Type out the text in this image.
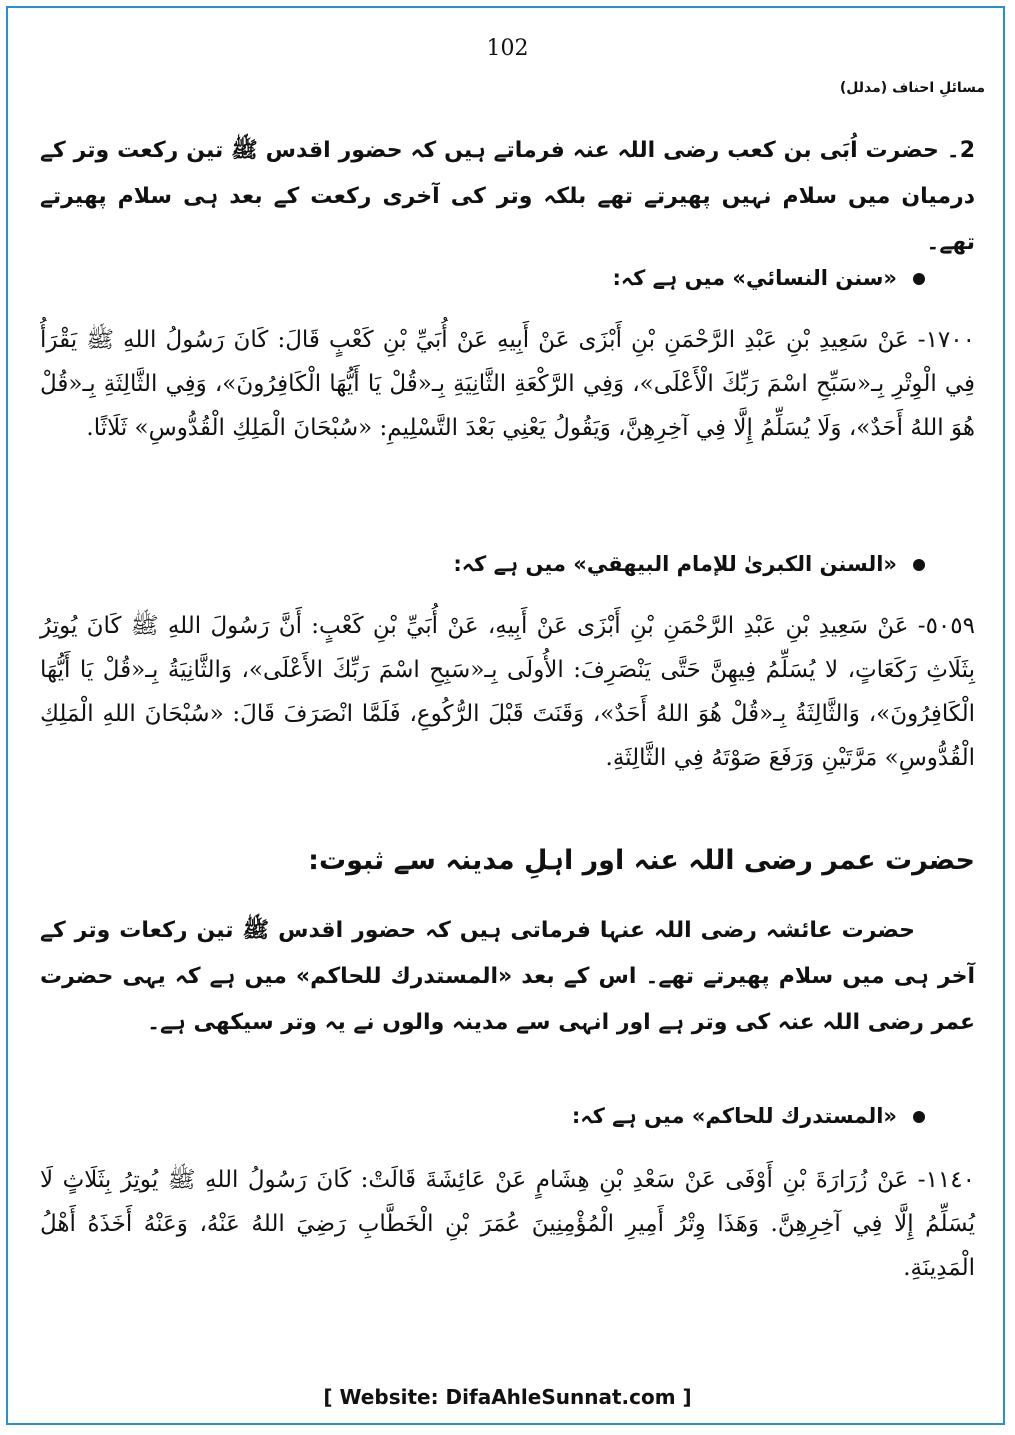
102
مسائلِ احناف (مدلل)

2۔ حضرت اُبَی بن کعب رضی اللہ عنہ فرماتے ہیں کہ حضور اقدس ﷺ تین رکعت وتر کے درمیان میں سلام نہیں پھیرتے تھے بلکہ وتر کی آخری رکعت کے بعد ہی سلام پھیرتے تھے۔

«سنن النسائي» میں ہے کہ:

١٧٠٠- عَنْ سَعِيدِ بْنِ عَبْدِ الرَّحْمَنِ بْنِ أَبْزَى عَنْ أَبِيهِ عَنْ أُبَيِّ بْنِ كَعْبٍ قَالَ: كَانَ رَسُولُ اللهِ ﷺ يَقْرَأُ فِي الْوِتْرِ بِـ«سَبِّحِ اسْمَ رَبِّكَ الْأَعْلَى»، وَفِي الرَّكْعَةِ الثَّانِيَةِ بِـ«قُلْ يَا أَيُّهَا الْكَافِرُونَ»، وَفِي الثَّالِثَةِ بِـ«قُلْ هُوَ اللهُ أَحَدٌ»، وَلَا يُسَلِّمُ إِلَّا فِي آخِرِهِنَّ، وَيَقُولُ يَعْنِي بَعْدَ التَّسْلِيمِ: «سُبْحَانَ الْمَلِكِ الْقُدُّوسِ» ثَلَاثًا.

«السنن الكبرىٰ للإمام البيهقي» میں ہے کہ:

٥٠٥٩- عَنْ سَعِيدِ بْنِ عَبْدِ الرَّحْمَنِ بْنِ أَبْزَى عَنْ أَبِيهِ، عَنْ أُبَيِّ بْنِ كَعْبٍ: أَنَّ رَسُولَ اللهِ ﷺ كَانَ يُوتِرُ بِثَلَاثِ رَكَعَاتٍ، لا يُسَلِّمُ فِيهِنَّ حَتَّى يَنْصَرِفَ: الأُولَى بِـ«سَبِحِ اسْمَ رَبِّكَ الأَعْلَى»، وَالثَّانِيَةُ بِـ«قُلْ يَا أَيُّهَا الْكَافِرُونَ»، وَالثَّالِثَةُ بِـ«قُلْ هُوَ اللهُ أَحَدٌ»، وَقَنَتَ قَبْلَ الرُّكُوعِ، فَلَمَّا انْصَرَفَ قَالَ: «سُبْحَانَ اللهِ الْمَلِكِ الْقُدُّوسِ» مَرَّتَيْنِ وَرَفَعَ صَوْتَهُ فِي الثَّالِثَةِ.

حضرت عمر رضی اللہ عنہ اور اہلِ مدینہ سے ثبوت:

حضرت عائشہ رضی اللہ عنہا فرماتی ہیں کہ حضور اقدس ﷺ تین رکعات وتر کے آخر ہی میں سلام پھیرتے تھے۔ اس کے بعد «المستدرك للحاكم» میں ہے کہ یہی حضرت عمر رضی اللہ عنہ کی وتر ہے اور انہی سے مدینہ والوں نے یہ وتر سیکھی ہے۔

«المستدرك للحاكم» میں ہے کہ:

١١٤٠- عَنْ زُرَارَةَ بْنِ أَوْفَى عَنْ سَعْدِ بْنِ هِشَامٍ عَنْ عَائِشَةَ قَالَتْ: كَانَ رَسُولُ اللهِ ﷺ يُوتِرُ بِثَلَاثٍ لَا يُسَلِّمُ إِلَّا فِي آخِرِهِنَّ. وَهَذَا وِتْرُ أَمِيرِ الْمُؤْمِنِينَ عُمَرَ بْنِ الْخَطَّابِ رَضِيَ اللهُ عَنْهُ، وَعَنْهُ أَخَذَهُ أَهْلُ الْمَدِينَةِ.

[ Website: DifaAhleSunnat.com ]
